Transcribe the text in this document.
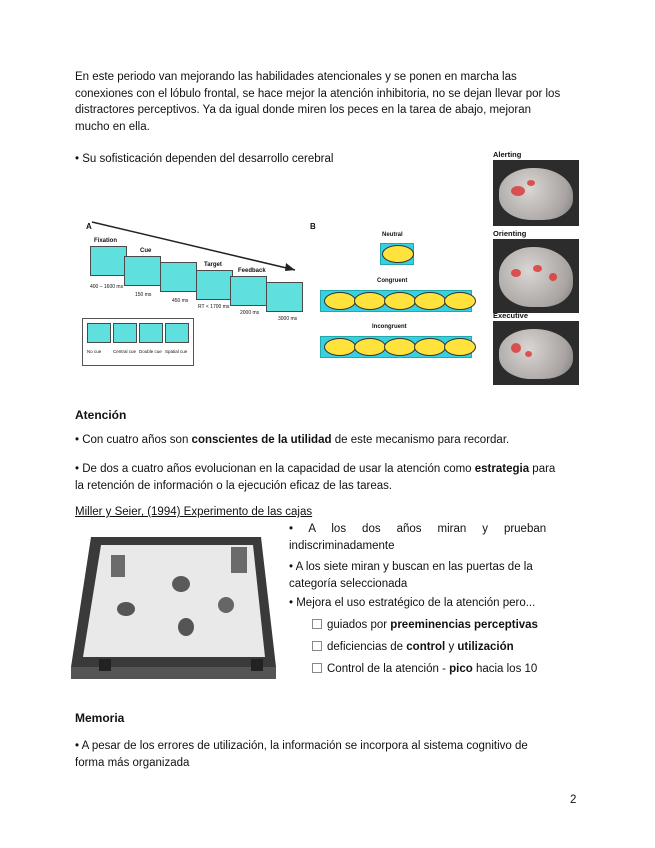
En este periodo van mejorando las habilidades atencionales y se ponen en marcha las
conexiones con el lóbulo frontal, se hace mejor la atención inhibitoria, no se dejan llevar por los
distractores perceptivos. Ya da igual donde miren los peces en la tarea de abajo, mejoran
mucho en ella.
• Su sofisticación dependen del desarrollo cerebral
A	B
Fixation
Cue
Target
Feedback
400 – 1600 ms
150 ms
450 ms
RT < 1700 ms
2000 ms
3000 ms
No cue	Central cue Double cue Spatial cue
Neutral
Congruent
Incongruent
Alerting
Orienting
Executive
Atención
• Con cuatro años son conscientes de la utilidad de este mecanismo para recordar.
• De dos a cuatro años evolucionan en la capacidad de usar la atención como estrategia para
la retención de información o la ejecución eficaz de las tareas.
Miller y Seier, (1994) Experimento de las cajas
•     A     los     dos     años     miran     y     prueban
indiscriminadamente
• A los siete miran y buscan en las puertas de la
categoría seleccionada
• Mejora el uso estratégico de la atención pero...
guiados por preeminencias perceptivas
deficiencias de control y utilización
Control de la atención - pico hacia los 10
Memoria
• A pesar de los errores de utilización, la información se incorpora al sistema cognitivo de
forma más organizada
2
